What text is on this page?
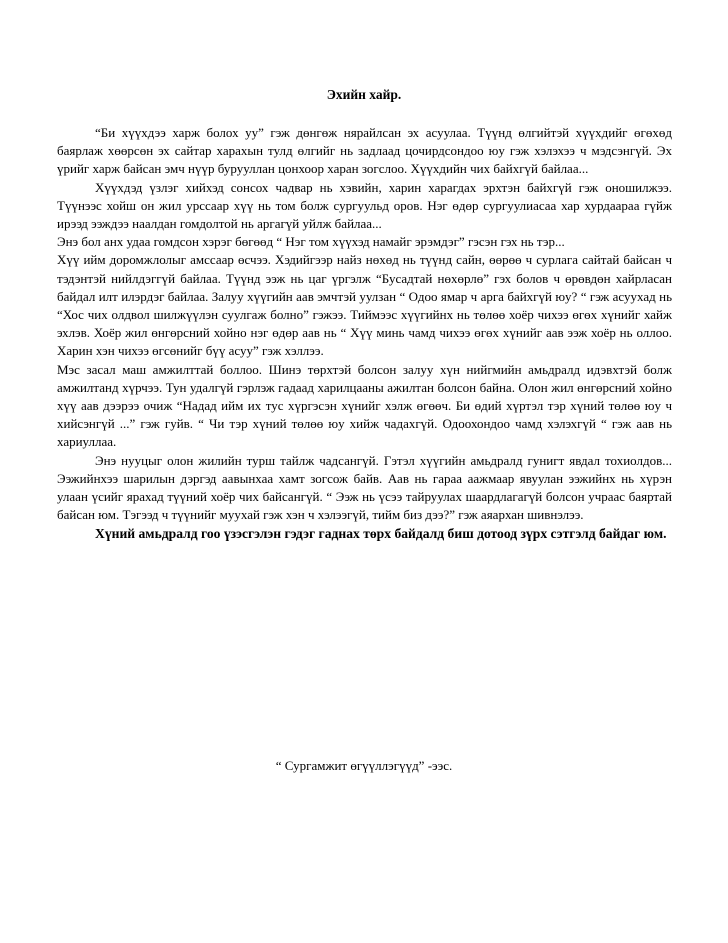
Эхийн хайр.

“Би хүүхдээ харж болох уу” гэж дөнгөж нярайлсан эх асуулаа. Түүнд өлгийтэй хүүхдийг өгөхөд баярлаж хөөрсөн эх сайтар харахын тулд өлгийг нь задлаад цочирдсондоо юу гэж хэлэхээ ч мэдсэнгүй. Эх үрийг харж байсан эмч нүүр бурууллан цонхоор харан зогслоо. Хүүхдийн чих байхгүй байлаа...

Хүүхдэд үзлэг хийхэд сонсох чадвар нь хэвийн, харин харагдах эрхтэн байхгүй гэж оношилжээ. Түүнээс хойш он жил урссаар хүү нь том болж сургуульд оров. Нэг өдөр сургуулиасаа хар хурдаараа гүйж ирээд ээждээ наалдан гомдолтой нь аргагүй уйлж байлаа...

Энэ бол анх удаа гомдсон хэрэг бөгөөд “ Нэг том хүүхэд намайг эрэмдэг” гэсэн гэх нь тэр...

Хүү ийм доромжлолыг амссаар өсчээ. Хэдийгээр найз нөхөд нь түүнд сайн, өөрөө ч сурлага сайтай байсан ч тэдэнтэй нийлдэггүй байлаа. Түүнд ээж нь цаг үргэлж “Бусадтай нөхөрлө” гэх болов ч өрөвдөн хайрласан байдал илт илэрдэг байлаа. Залуу хүүгийн аав эмчтэй уулзан “ Одоо ямар ч арга байхгүй юу? “ гэж асуухад нь “Хос чих олдвол шилжүүлэн суулгаж болно” гэжээ. Тиймээс хүүгийнх нь төлөө хоёр чихээ өгөх хүнийг хайж эхлэв. Хоёр жил өнгөрсний хойно нэг өдөр аав нь “ Хүү минь чамд чихээ өгөх хүнийг аав ээж хоёр нь оллоо. Харин хэн чихээ өгсөнийг бүү асуу” гэж хэллээ.

Мэс засал маш амжилттай боллоо. Шинэ төрхтэй болсон залуу хүн нийгмийн амьдралд идэвхтэй болж амжилтанд хүрчээ. Тун удалгүй гэрлэж гадаад харилцааны ажилтан болсон байна. Олон жил өнгөрсний хойно хүү аав дээрээ очиж “Надад ийм их тус хүргэсэн хүнийг хэлж өгөөч. Би өдий хүртэл тэр хүний төлөө юу ч хийсэнгүй ...” гэж гуйв. “ Чи тэр хүний төлөө юу хийж чадахгүй. Одоохондоо чамд хэлэхгүй “ гэж аав нь хариуллаа.

Энэ нууцыг олон жилийн турш тайлж чадсангүй. Гэтэл хүүгийн амьдралд гунигт явдал тохиолдов... Ээжийнхээ шарилын дэргэд аавынхаа хамт зогсож байв. Аав нь гараа аажмаар явуулан ээжийнх нь хүрэн улаан үсийг ярахад түүний хоёр чих байсангүй. “ Ээж нь үсээ тайруулах шаардлагагүй болсон учраас баяртай байсан юм. Тэгээд ч түүнийг муухай гэж хэн ч хэлээгүй, тийм биз дээ?” гэж аяархан шивнэлээ.

Хүний амьдралд гоо үзэсгэлэн гэдэг гаднах төрх байдалд биш дотоод зүрх сэтгэлд байдаг юм.

“ Сургамжит өгүүллэгүүд” -ээс.
